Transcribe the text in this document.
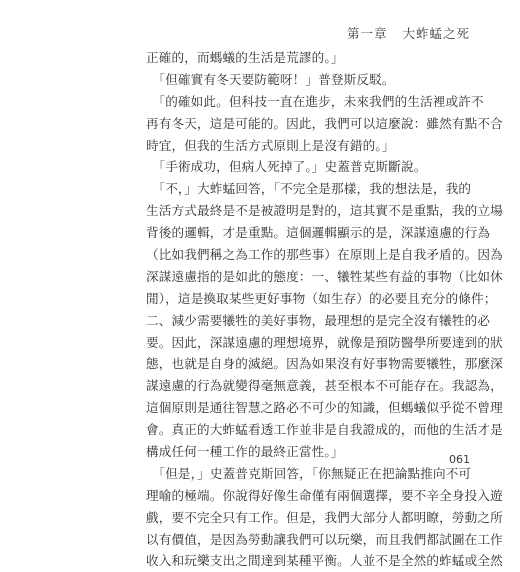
第一章 大蚱蜢之死
正確的，而螞蟻的生活是荒謬的。」
　「但確實有冬天要防範呀！」普登斯反駁。
　「的確如此。但科技一直在進步，未來我們的生活裡或許不
再有冬天，這是可能的。因此，我們可以這麼說：雖然有點不合
時宜，但我的生活方式原則上是沒有錯的。」
　「手術成功，但病人死掉了。」史蓋普克斯斷說。
　「不，」大蚱蜢回答，「不完全是那樣，我的想法是，我的
生活方式最終是不是被證明是對的，這其實不是重點，我的立場
背後的邏輯，才是重點。這個邏輯顯示的是，深謀遠慮的行為
（比如我們稱之為工作的那些事）在原則上是自我矛盾的。因為
深謀遠慮指的是如此的態度：一、犧牲某些有益的事物（比如休
閒），這是換取某些更好事物（如生存）的必要且充分的條件；
二、減少需要犧牲的美好事物，最理想的是完全沒有犧牲的必
要。因此，深謀遠慮的理想境界，就像是預防醫學所要達到的狀
態，也就是自身的滅絕。因為如果沒有好事物需要犧牲，那麼深
謀遠慮的行為就變得毫無意義，甚至根本不可能存在。我認為，
這個原則是通往智慧之路必不可少的知識，但螞蟻似乎從不曾理
會。真正的大蚱蜢看透工作並非是自我證成的，而他的生活才是
構成任何一種工作的最終正當性。」
　「但是，」史蓋普克斯回答，「你無疑正在把論點推向不可
理喻的極端。你說得好像生命僅有兩個選擇，要不辛全身投入遊
戲，要不完全只有工作。但是，我們大部分人都明瞭，勞動之所
以有價值，是因為勞動讓我們可以玩樂，而且我們都試圖在工作
收入和玩樂支出之間達到某種平衡。人並不是全然的蚱蜢或全然
061
